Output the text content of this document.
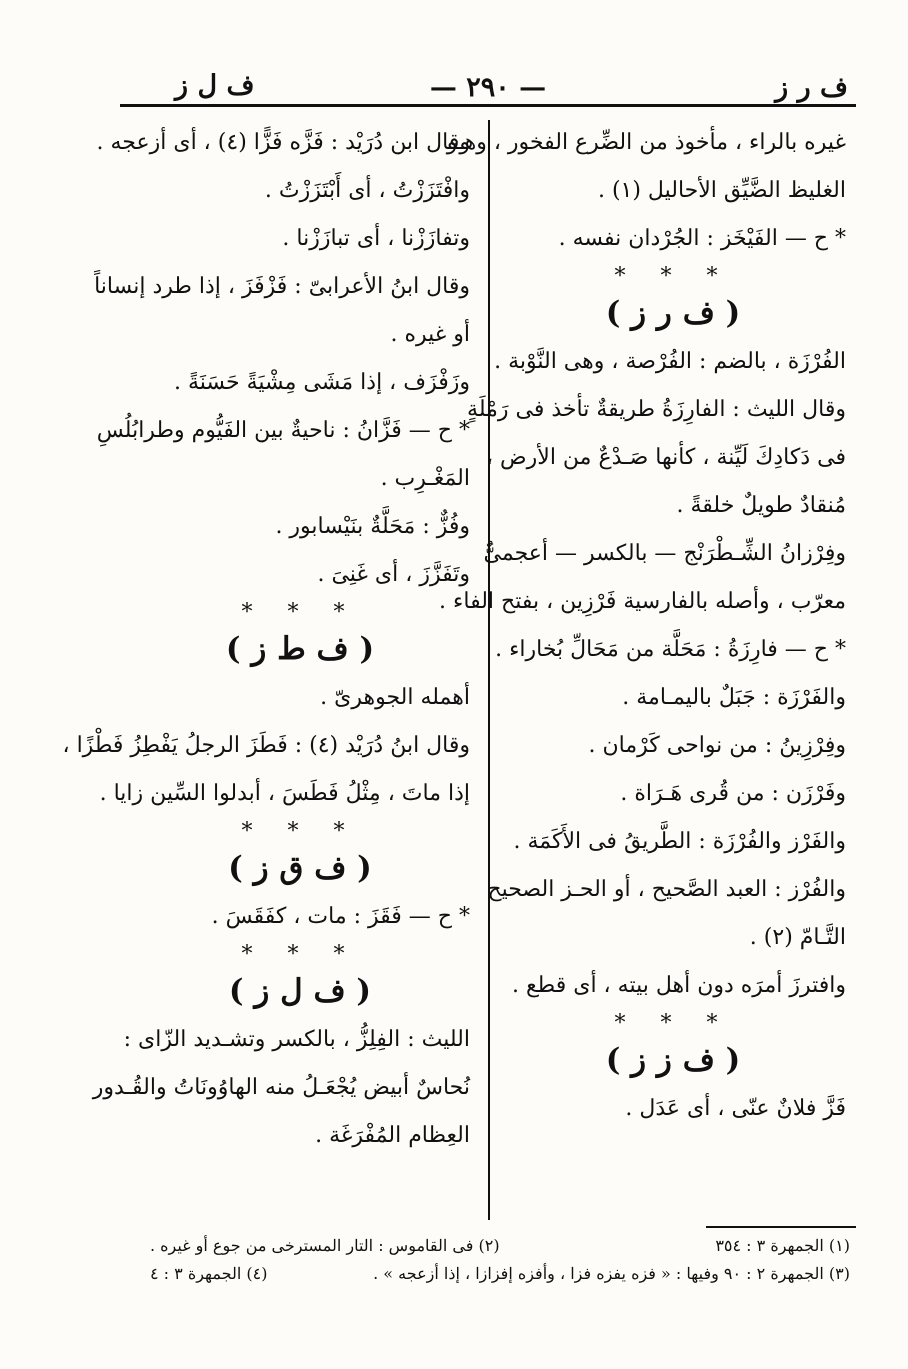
ف ر ز
— ٢٩٠ —
ف ل ز
غيره بالراء ، مأخوذ من الضِّرع الفخور ، وهـو
الغليظ الضَّيِّق الأحاليل (١) .
* ح — الفَيْخَز : الجُرْدان نفسه .
* * *
( ف ر ز )
الفُرْزَة ، بالضم : الفُرْصة ، وهى النَّوْبة .
وقال الليث : الفارِزَةُ طريقةٌ تأخذ فى رَمْلَةٍ
فى دَكادِكَ لَيِّنة ، كأنها صَـدْعٌ من الأرض ،
مُنقادٌ طويلٌ خلقةً .
وفِرْزانُ الشِّـطْرَنْج — بالكسر — أعجمىٌّ
معرّب ، وأصله بالفارسية فَرْزِين ، بفتح الفاء .
* ح — فارِزَةُ : مَحَلَّة من مَحَالِّ بُخاراء .
والفَرْزَة : جَبَلٌ باليمـامة .
وفِرْزِينُ : من نواحى كَرْمان .
وفَرْزَن : من قُرى هَـرَاة .
والفَرْز والفُرْزَة : الطَّريقُ فى الأَكَمَة .
والفُرْز : العبد الصَّحيح ، أو الحـز الصحيح
التَّـامّ (٢) .
وافترزَ أمرَه دون أهل بيته ، أى قطع .
* * *
( ف ز ز )
فَزَّ فلانٌ عنّى ، أى عَدَل .
وقال ابن دُرَيْد : فَزَّه فَزًّا (٤) ، أى أزعجه .
وافْتَزَزْتُ ، أى أَبْتَزَزْتُ .
وتفازَزْنا ، أى تبازَزْنا .
وقال ابنُ الأعرابىّ : فَزْفَزَ ، إذا طرد إنساناً
أو غيره .
وزَفْزَف ، إذا مَشَى مِشْيَةً حَسَنَةً .
* ح — فَزَّانُ : ناحيةٌ بين الفَيُّوم وطرابُلُسِ
المَغْـرِب .
وفُزٌّ : مَحَلَّةٌ بنَيْسابور .
وتَفَزَّزَ ، أى غَنِىَ .
* * *
( ف ط ز )
أهمله الجوهرىّ .
وقال ابنُ دُرَيْد (٤) : فَطَزَ الرجلُ يَفْطِزُ فَطْزًا ،
إذا ماتَ ، مِثْلُ فَطَسَ ، أبدلوا السِّين زايا .
* * *
( ف ق ز )
* ح — فَقَزَ : مات ، كفَقَسَ .
* * *
( ف ل ز )
الليث : الفِلِزُّ ، بالكسر وتشـديد الزّاى :
نُحاسٌ أبيض يُجْعَـلُ منه الهاوُونَاتُ والقُـدور
العِظام المُفْرَغَة .
(١) الجمهرة ٣ : ٣٥٤
(٢) فى القاموس : التار المسترخى من جوع أو غيره .
(٣) الجمهرة ٢ : ٩٠ وفيها : « فزه يفزه فزا ، وأفزه إفزازا ، إذا أزعجه » .
(٤) الجمهرة ٣ : ٤
